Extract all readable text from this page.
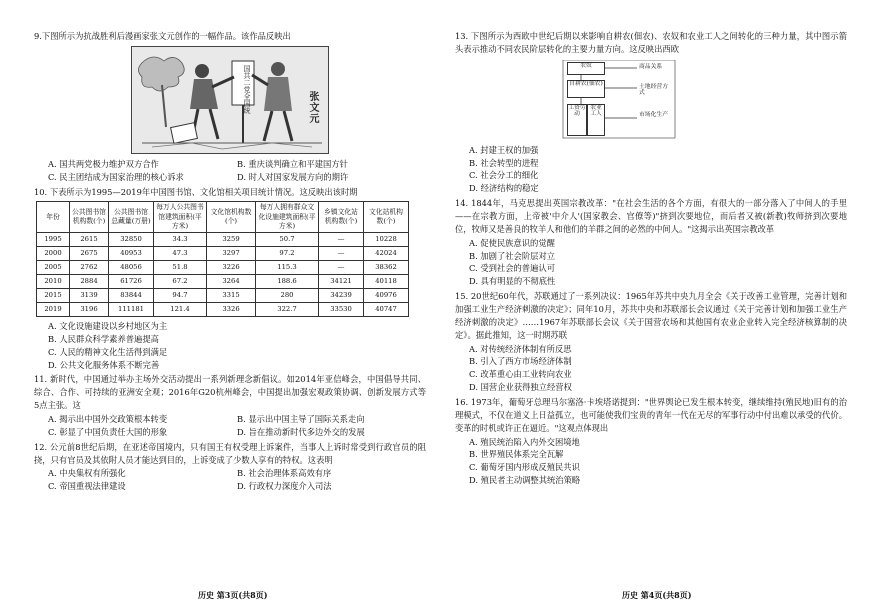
9.下图所示为抗战胜利后漫画家张文元创作的一幅作品。该作品反映出

国共二党全国统	张文元
A. 国共两党极力维护双方合作	B. 重庆谈判确立和平建国方针
C. 民主团结成为国家治理的核心诉求	D. 时人对国家发展方向的期许

10. 下表所示为1995—2019年中国图书馆、文化馆相关项目统计情况。这反映出该时期

年份	公共图书馆机构数(个)	公共图书馆总藏量(万册)	每万人公共图书馆建筑面积(平方米)	文化馆机构数(个)	每万人拥有群众文化设施建筑面积(平方米)	乡镇文化站机构数(个)	文化站机构数(个)
1995	2615	32850	34.3	3259	50.7	—	10228
2000	2675	40953	47.3	3297	97.2	—	42024
2005	2762	48056	51.8	3226	115.3	—	38362
2010	2884	61726	67.2	3264	188.6	34121	40118
2015	3139	83844	94.7	3315	280	34239	40976
2019	3196	111181	121.4	3326	322.7	33530	40747
A. 文化设施建设以乡村地区为主
B. 人民群众科学素养普遍提高
C. 人民的精神文化生活得到满足
D. 公共文化服务体系不断完善

11. 新时代，中国通过举办主场外交活动提出一系列新理念新倡议。如2014年亚信峰会，中国倡导共同、综合、合作、可持续的亚洲安全观；2016年G20杭州峰会，中国提出加强宏观政策协调、创新发展方式等5点主张。这

A. 揭示出中国外交政策根本转变	B. 显示出中国主导了国际关系走向
C. 彰显了中国负责任大国的形象	D. 旨在推动新时代多边外交的发展

12. 公元前8世纪后期，在亚述帝国境内，只有国王有权受理上诉案件，当事人上诉时常受到行政官员的阻挠，只有官员及其依附人员才能达到目的，上诉变成了少数人享有的特权。这表明

A. 中央集权有所强化	B. 社会治理体系高效有序
C. 帝国重视法律建设	D. 行政权力深度介入司法

13. 下图所示为西欧中世纪后期以来影响自耕农(佃农)、农奴和农业工人之间转化的三种力量，其中图示箭头表示推动不同农民阶层转化的主要力量方向。这反映出西欧

农奴
自耕农(佃农)
工资劳动
农业工人
商品关系
土地经营方式
市场化生产
A. 封建王权的加强
B. 社会转型的进程
C. 社会分工的细化
D. 经济结构的稳定

14. 1844年，马克思提出英国宗教改革："在社会生活的各个方面，有很大的一部分落入了中间人的手里——在宗教方面，上帝被'中介人'(国家教会、官僚等)"挤到次要地位，而后者又被(新教)牧师挤到次要地位，牧师又是善良的牧羊人和他们的羊群之间的必然的中间人。"这揭示出英国宗教改革

A. 促使民族意识的觉醒
B. 加剧了社会阶层对立
C. 受到社会的普遍认可
D. 具有明显的不彻底性

15. 20世纪60年代，苏联通过了一系列决议：1965年苏共中央九月全会《关于改善工业管理，完善计划和加强工业生产经济刺激的决定》；同年10月，苏共中央和苏联部长会议通过《关于完善计划和加强工业生产经济刺激的决定》……1967年苏联部长会议《关于国营农场和其他国有农业企业转入完全经济核算制的决定》。据此推知，这一时期苏联

A. 对传统经济体制有所反思
B. 引入了西方市场经济体制
C. 改革重心由工业转向农业
D. 国营企业获得独立经营权

16. 1973年，葡萄牙总理马尔塞洛·卡埃塔诺提到："世界舆论已发生根本转变，继续维持(殖民地)旧有的治理模式，不仅在道义上日益孤立，也可能使我们宝贵的青年一代在无尽的军事行动中付出难以承受的代价。变革的时机或许正在逼近。"这观点体现出

A. 殖民统治陷入内外交困境地
B. 世界殖民体系完全瓦解
C. 葡萄牙国内形成反殖民共识
D. 殖民者主动调整其统治策略
历史 第3页(共8页)	历史 第4页(共8页)
